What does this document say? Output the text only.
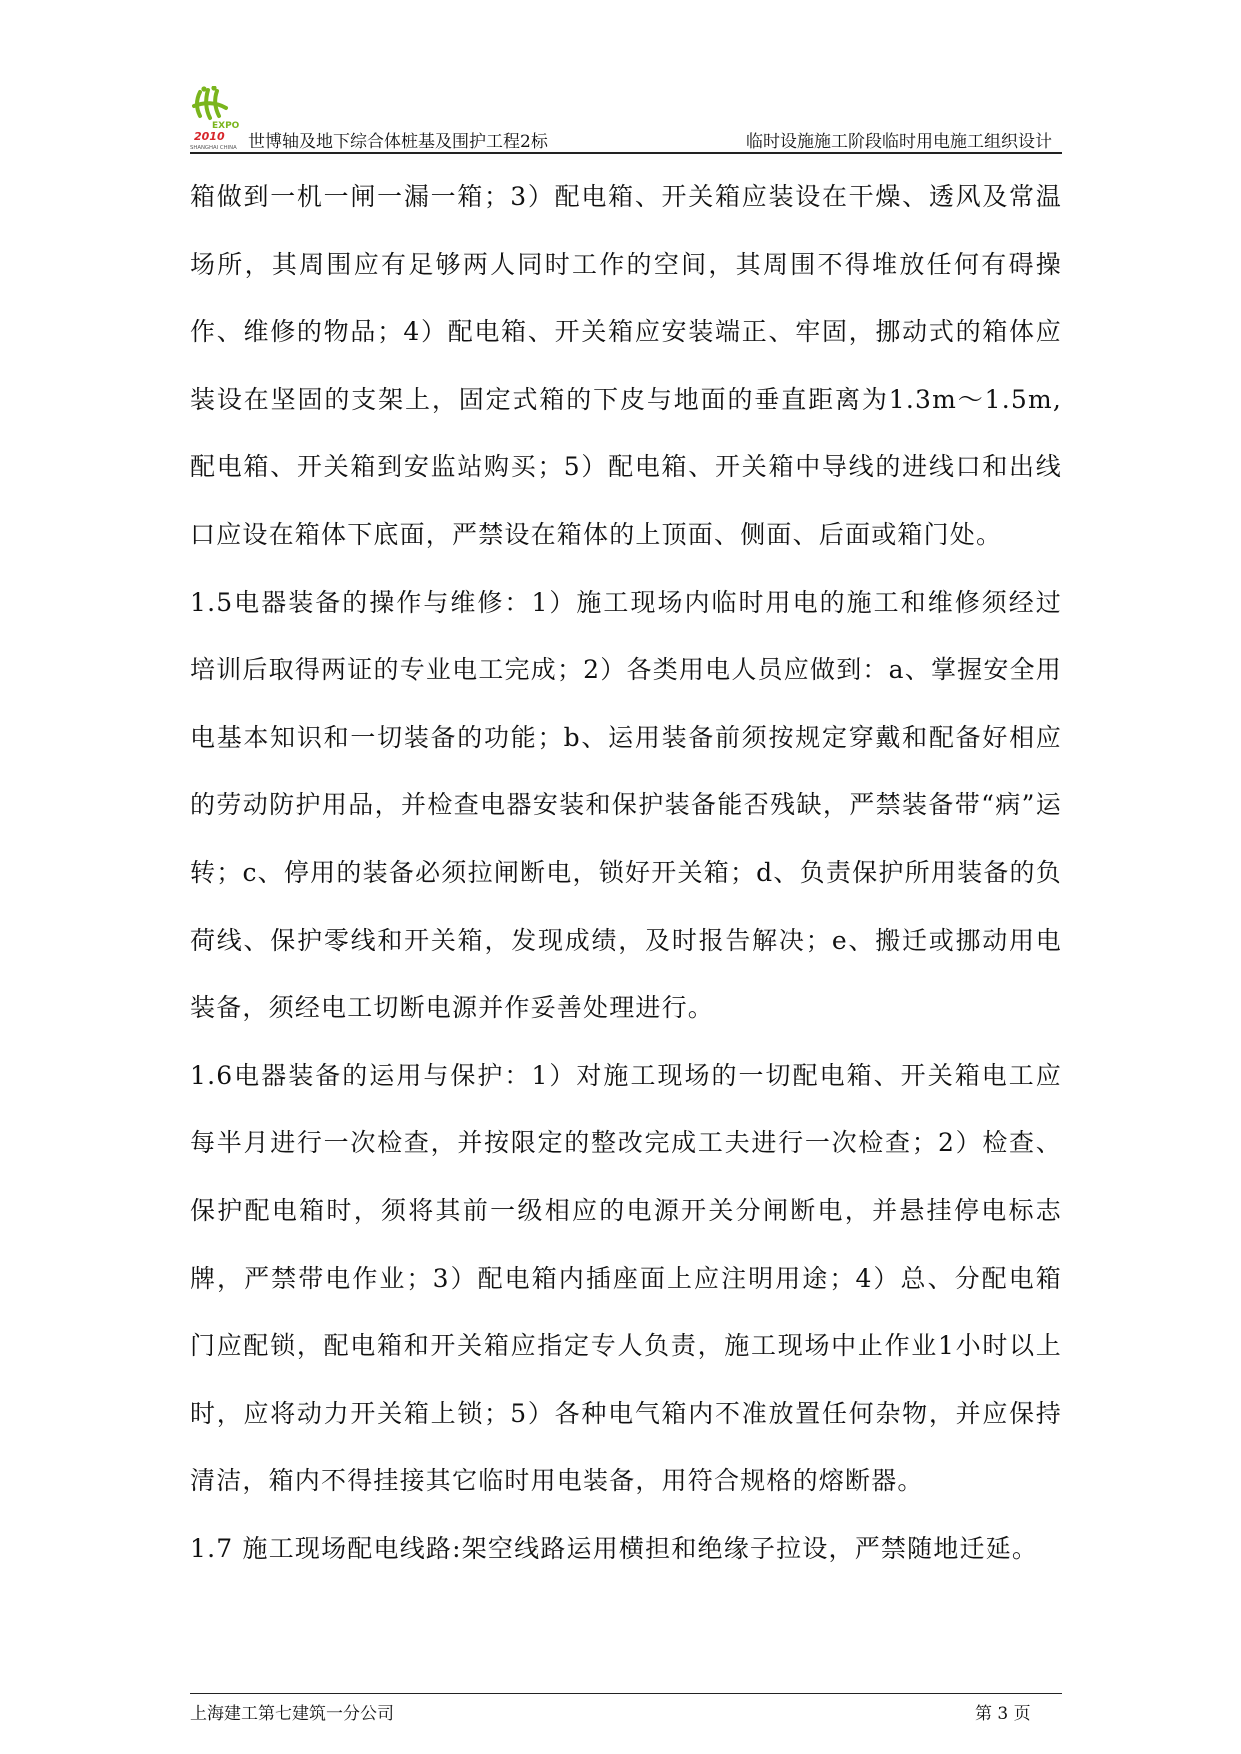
EXPO
2010
SHANGHAI CHINA 世博轴及地下综合体桩基及围护工程2标	临时设施施工阶段临时用电施工组织设计

箱做到一机一闸一漏一箱；3）配电箱、开关箱应装设在干燥、透风及常温场所，其周围应有足够两人同时工作的空间，其周围不得堆放任何有碍操作、维修的物品；4）配电箱、开关箱应安装端正、牢固，挪动式的箱体应装设在坚固的支架上，固定式箱的下皮与地面的垂直距离为1.3m～1.5m,配电箱、开关箱到安监站购买；5）配电箱、开关箱中导线的进线口和出线口应设在箱体下底面，严禁设在箱体的上顶面、侧面、后面或箱门处。

1.5电器装备的操作与维修：1）施工现场内临时用电的施工和维修须经过培训后取得两证的专业电工完成；2）各类用电人员应做到：a、掌握安全用电基本知识和一切装备的功能；b、运用装备前须按规定穿戴和配备好相应的劳动防护用品，并检查电器安装和保护装备能否残缺，严禁装备带“病”运转；c、停用的装备必须拉闸断电，锁好开关箱；d、负责保护所用装备的负荷线、保护零线和开关箱，发现成绩，及时报告解决；e、搬迁或挪动用电装备，须经电工切断电源并作妥善处理进行。

1.6电器装备的运用与保护：1）对施工现场的一切配电箱、开关箱电工应每半月进行一次检查，并按限定的整改完成工夫进行一次检查；2）检查、保护配电箱时，须将其前一级相应的电源开关分闸断电，并悬挂停电标志牌，严禁带电作业；3）配电箱内插座面上应注明用途；4）总、分配电箱门应配锁，配电箱和开关箱应指定专人负责，施工现场中止作业1小时以上时，应将动力开关箱上锁；5）各种电气箱内不准放置任何杂物，并应保持清洁，箱内不得挂接其它临时用电装备，用符合规格的熔断器。

1.7 施工现场配电线路:架空线路运用横担和绝缘子拉设，严禁随地迁延。

上海建工第七建筑一分公司	第 3 页
